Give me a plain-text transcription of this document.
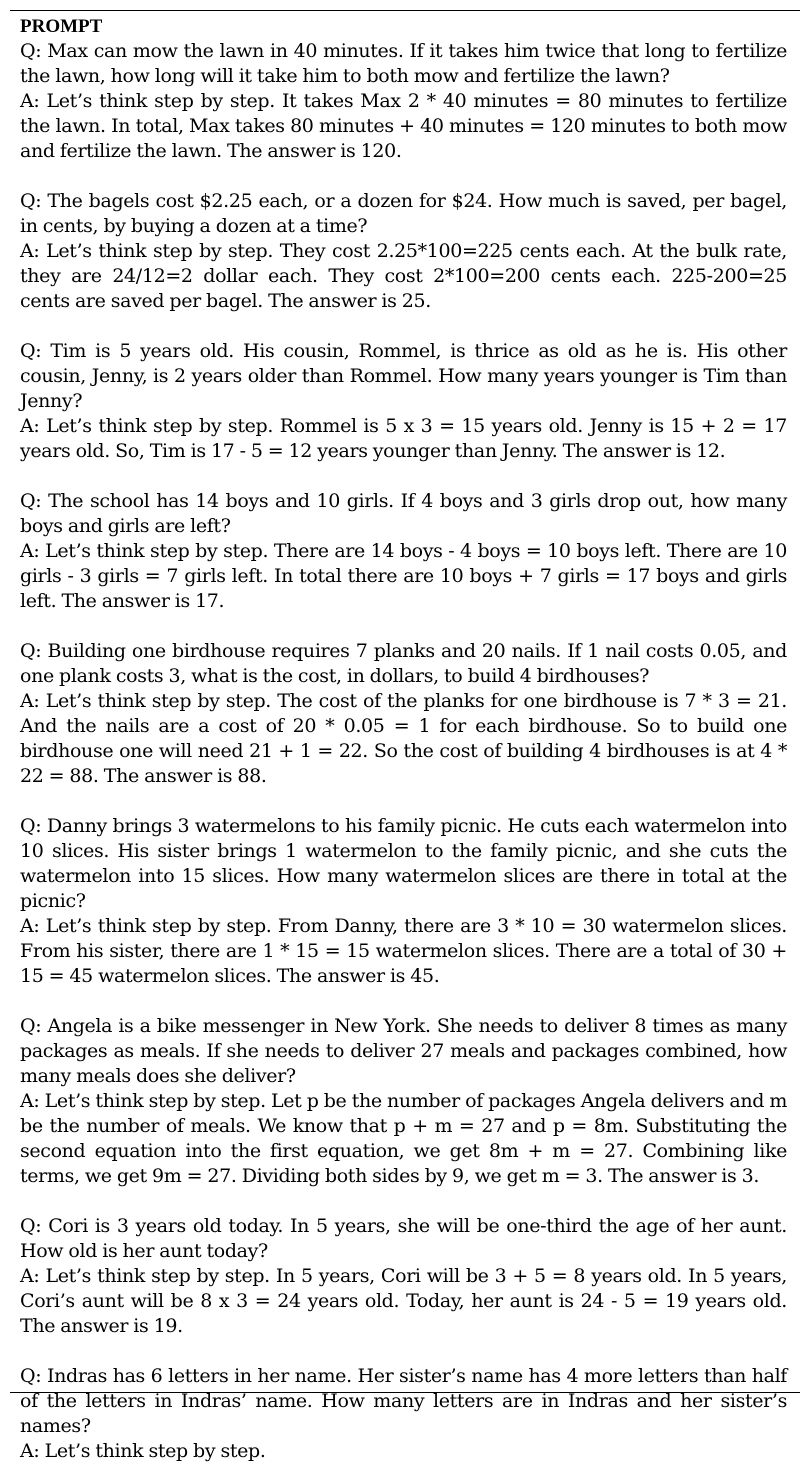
PROMPT

Q: Max can mow the lawn in 40 minutes. If it takes him twice that long to fertilize the lawn, how long will it take him to both mow and fertilize the lawn?

A: Let’s think step by step. It takes Max 2 * 40 minutes = 80 minutes to fertilize the lawn. In total, Max takes 80 minutes + 40 minutes = 120 minutes to both mow and fertilize the lawn. The answer is 120.

Q: The bagels cost $2.25 each, or a dozen for $24. How much is saved, per bagel, in cents, by buying a dozen at a time?

A: Let’s think step by step. They cost 2.25*100=225 cents each. At the bulk rate, they are 24/12=2 dollar each. They cost 2*100=200 cents each. 225-200=25 cents are saved per bagel. The answer is 25.

Q: Tim is 5 years old. His cousin, Rommel, is thrice as old as he is. His other cousin, Jenny, is 2 years older than Rommel. How many years younger is Tim than Jenny?

A: Let’s think step by step. Rommel is 5 x 3 = 15 years old. Jenny is 15 + 2 = 17 years old. So, Tim is 17 - 5 = 12 years younger than Jenny. The answer is 12.

Q: The school has 14 boys and 10 girls. If 4 boys and 3 girls drop out, how many boys and girls are left?

A: Let’s think step by step. There are 14 boys - 4 boys = 10 boys left. There are 10 girls - 3 girls = 7 girls left. In total there are 10 boys + 7 girls = 17 boys and girls left. The answer is 17.

Q: Building one birdhouse requires 7 planks and 20 nails. If 1 nail costs 0.05, and one plank costs 3, what is the cost, in dollars, to build 4 birdhouses?

A: Let’s think step by step. The cost of the planks for one birdhouse is 7 * 3 = 21. And the nails are a cost of 20 * 0.05 = 1 for each birdhouse. So to build one birdhouse one will need 21 + 1 = 22. So the cost of building 4 birdhouses is at 4 * 22 = 88. The answer is 88.

Q: Danny brings 3 watermelons to his family picnic. He cuts each watermelon into 10 slices. His sister brings 1 watermelon to the family picnic, and she cuts the watermelon into 15 slices. How many watermelon slices are there in total at the picnic?

A: Let’s think step by step. From Danny, there are 3 * 10 = 30 watermelon slices. From his sister, there are 1 * 15 = 15 watermelon slices. There are a total of 30 + 15 = 45 watermelon slices. The answer is 45.

Q: Angela is a bike messenger in New York. She needs to deliver 8 times as many packages as meals. If she needs to deliver 27 meals and packages combined, how many meals does she deliver?

A: Let’s think step by step. Let p be the number of packages Angela delivers and m be the number of meals. We know that p + m = 27 and p = 8m. Substituting the second equation into the first equation, we get 8m + m = 27. Combining like terms, we get 9m = 27. Dividing both sides by 9, we get m = 3. The answer is 3.

Q: Cori is 3 years old today. In 5 years, she will be one-third the age of her aunt. How old is her aunt today?

A: Let’s think step by step. In 5 years, Cori will be 3 + 5 = 8 years old. In 5 years, Cori’s aunt will be 8 x 3 = 24 years old. Today, her aunt is 24 - 5 = 19 years old. The answer is 19.

Q: Indras has 6 letters in her name. Her sister’s name has 4 more letters than half of the letters in Indras’ name. How many letters are in Indras and her sister’s names?

A: Let’s think step by step.
